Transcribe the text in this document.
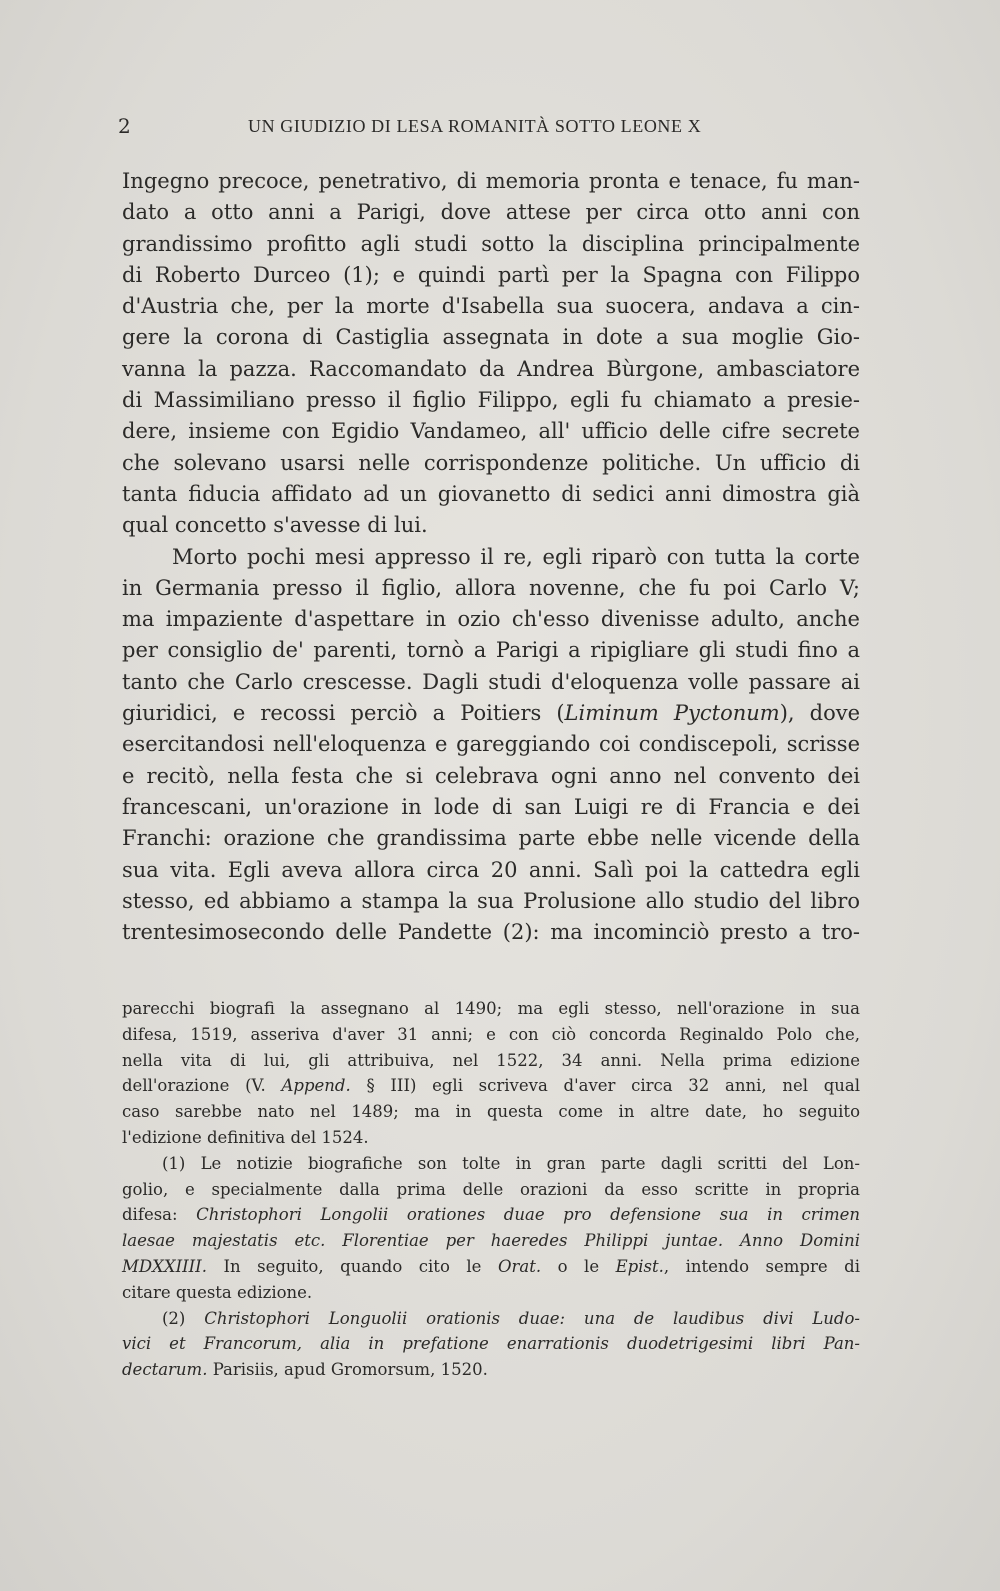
2	UN GIUDIZIO DI LESA ROMANITÀ SOTTO LEONE X

Ingegno precoce, penetrativo, di memoria pronta e tenace, fu man-
dato a otto anni a Parigi, dove attese per circa otto anni con
grandissimo profitto agli studi sotto la disciplina principalmente
di Roberto Durceo (1); e quindi partì per la Spagna con Filippo
d'Austria che, per la morte d'Isabella sua suocera, andava a cin-
gere la corona di Castiglia assegnata in dote a sua moglie Gio-
vanna la pazza. Raccomandato da Andrea Bùrgone, ambasciatore
di Massimiliano presso il figlio Filippo, egli fu chiamato a presie-
dere, insieme con Egidio Vandameo, all' ufficio delle cifre secrete
che solevano usarsi nelle corrispondenze politiche. Un ufficio di
tanta fiducia affidato ad un giovanetto di sedici anni dimostra già
qual concetto s'avesse di lui.

Morto pochi mesi appresso il re, egli riparò con tutta la corte
in Germania presso il figlio, allora novenne, che fu poi Carlo V;
ma impaziente d'aspettare in ozio ch'esso divenisse adulto, anche
per consiglio de' parenti, tornò a Parigi a ripigliare gli studi fino a
tanto che Carlo crescesse. Dagli studi d'eloquenza volle passare ai
giuridici, e recossi perciò a Poitiers (Liminum Pyctonum), dove
esercitandosi nell'eloquenza e gareggiando coi condiscepoli, scrisse
e recitò, nella festa che si celebrava ogni anno nel convento dei
francescani, un'orazione in lode di san Luigi re di Francia e dei
Franchi: orazione che grandissima parte ebbe nelle vicende della
sua vita. Egli aveva allora circa 20 anni. Salì poi la cattedra egli
stesso, ed abbiamo a stampa la sua Prolusione allo studio del libro
trentesimosecondo delle Pandette (2): ma incominciò presto a tro-

parecchi biografi la assegnano al 1490; ma egli stesso, nell'orazione in sua
difesa, 1519, asseriva d'aver 31 anni; e con ciò concorda Reginaldo Polo che,
nella vita di lui, gli attribuiva, nel 1522, 34 anni. Nella prima edizione
dell'orazione (V. Append. § III) egli scriveva d'aver circa 32 anni, nel qual
caso sarebbe nato nel 1489; ma in questa come in altre date, ho seguito
l'edizione definitiva del 1524.

(1) Le notizie biografiche son tolte in gran parte dagli scritti del Lon-
golio, e specialmente dalla prima delle orazioni da esso scritte in propria
difesa: Christophori Longolii orationes duae pro defensione sua in crimen
laesae majestatis etc. Florentiae per haeredes Philippi juntae. Anno Domini
MDXXIIII. In seguito, quando cito le Orat. o le Epist., intendo sempre di
citare questa edizione.

(2) Christophori Longuolii orationis duae: una de laudibus divi Ludo-
vici et Francorum, alia in prefatione enarrationis duodetrigesimi libri Pan-
dectarum. Parisiis, apud Gromorsum, 1520.
